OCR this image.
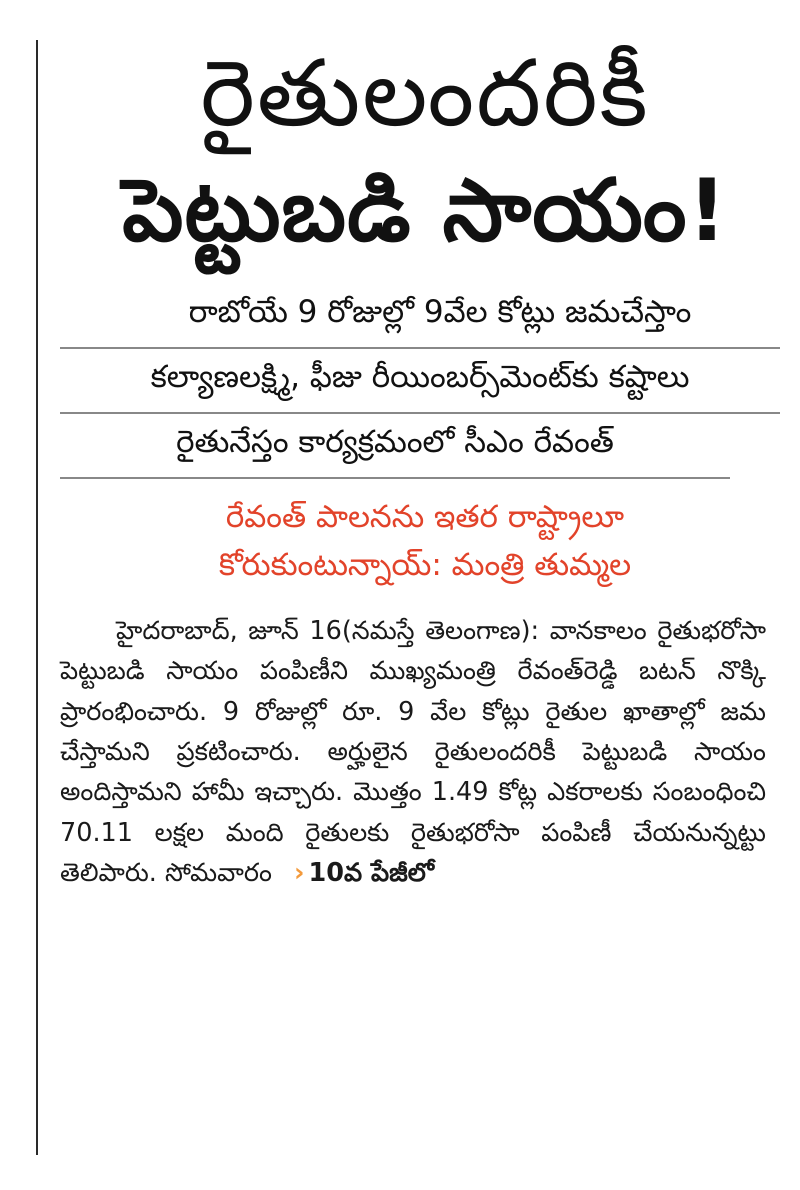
రైతులందరికీ
పెట్టుబడి సాయం!
రాబోయే 9 రోజుల్లో 9వేల కోట్లు జమచేస్తాం
కల్యాణలక్ష్మి, ఫీజు రీయింబర్స్‌మెంట్‌కు కష్టాలు
రైతునేస్తం కార్యక్రమంలో సీఎం రేవంత్
రేవంత్ పాలనను ఇతర రాష్ట్రాలూ
కోరుకుంటున్నాయ్: మంత్రి తుమ్మల

హైదరాబాద్, జూన్ 16(నమస్తే తెలంగాణ): వానకాలం రైతుభరోసా పెట్టుబడి సాయం పంపిణీని ముఖ్యమంత్రి రేవంత్‌రెడ్డి బటన్ నొక్కి ప్రారంభించారు. 9 రోజుల్లో రూ. 9 వేల కోట్లు రైతుల ఖాతాల్లో జమ చేస్తామని ప్రకటించారు. అర్హులైన రైతులందరికీ పెట్టుబడి సాయం అందిస్తామని హామీ ఇచ్చారు. మొత్తం 1.49 కోట్ల ఎకరాలకు సంబంధించి 70.11 లక్షల మంది రైతులకు రైతుభరోసా పంపిణీ చేయనున్నట్టు తెలిపారు. సోమవారం › 10వ పేజీలో
